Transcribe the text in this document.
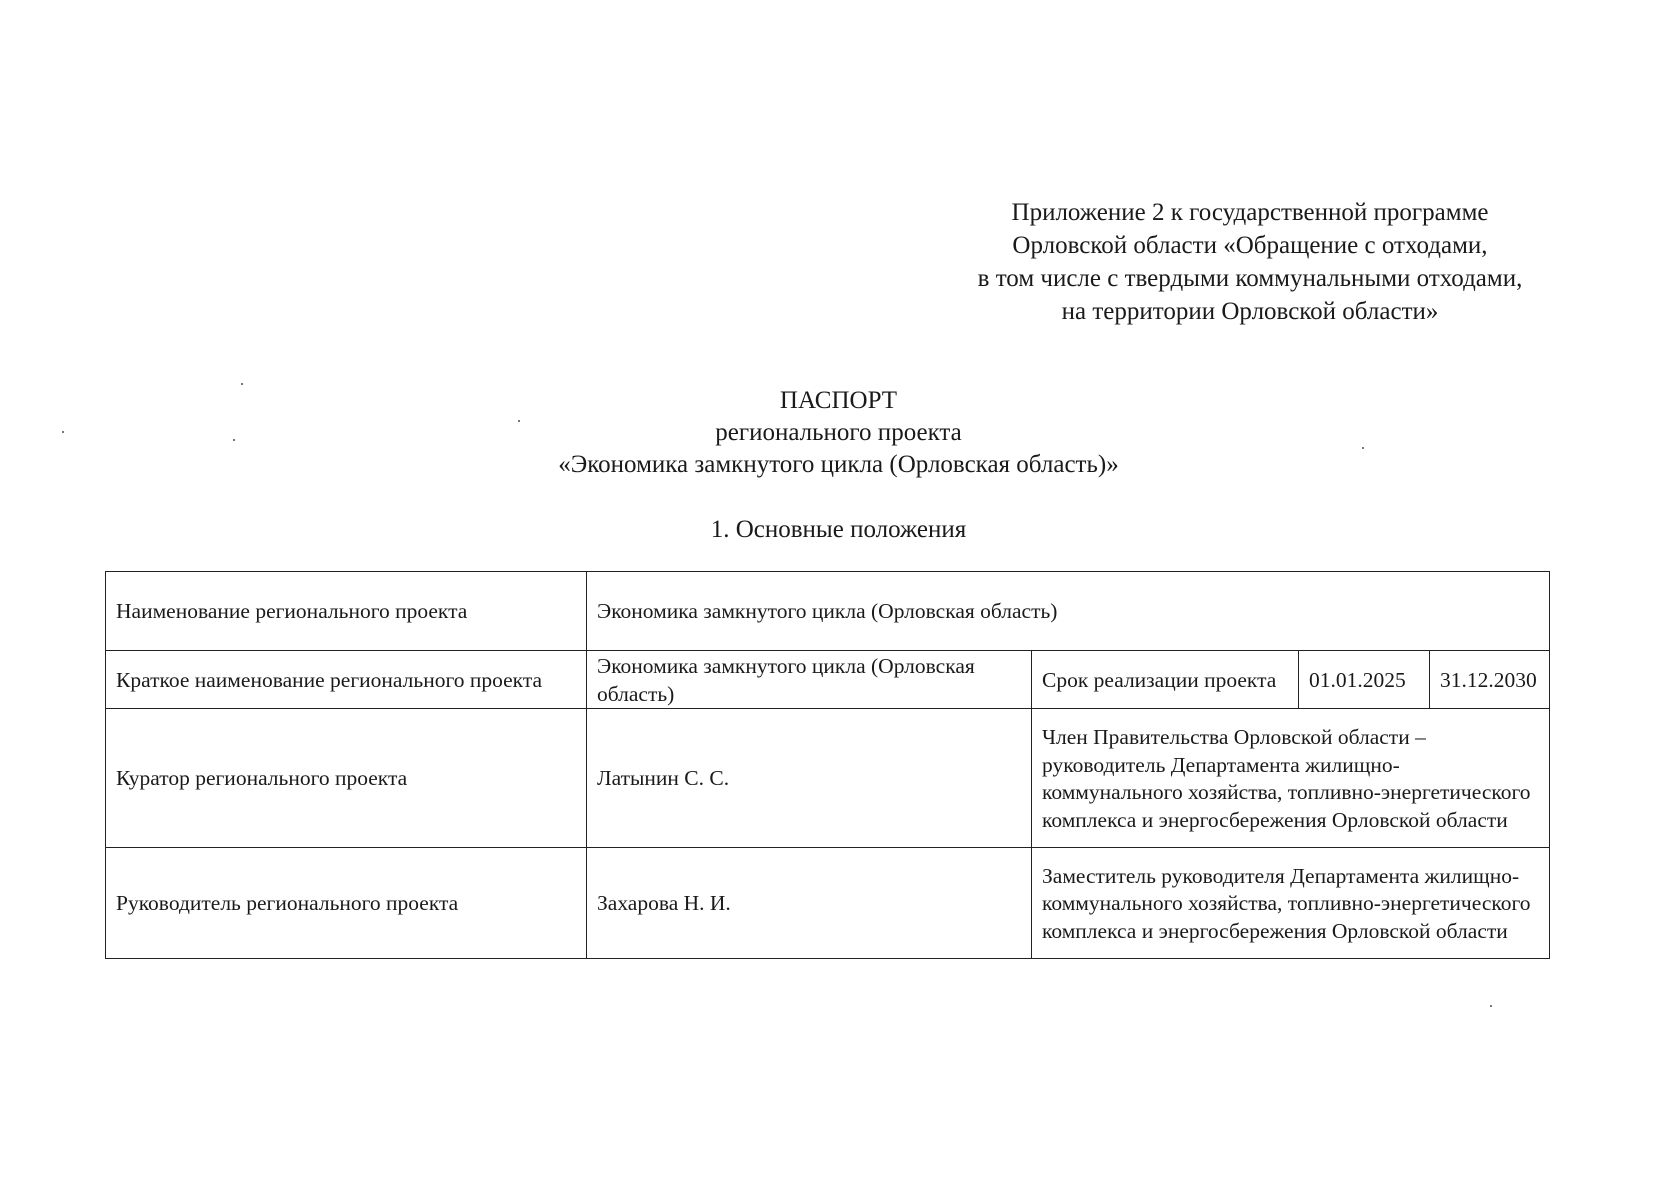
Приложение 2 к государственной программе
Орловской области «Обращение с отходами,
в том числе с твердыми коммунальными отходами,
на территории Орловской области»
ПАСПОРТ
регионального проекта
«Экономика замкнутого цикла (Орловская область)»
1. Основные положения
Наименование регионального проекта	Экономика замкнутого цикла (Орловская область)			
Краткое наименование регионального проекта	Экономика замкнутого цикла (Орловская область)	Срок реализации проекта	01.01.2025	31.12.2030
Куратор регионального проекта	Латынин С. С.	Член Правительства Орловской области – руководитель Департамента жилищно-коммунального хозяйства, топливно-энергетического комплекса и энергосбережения Орловской области		
Руководитель регионального проекта	Захарова Н. И.	Заместитель руководителя Департамента жилищно-коммунального хозяйства, топливно-энергетического комплекса и энергосбережения Орловской области		
